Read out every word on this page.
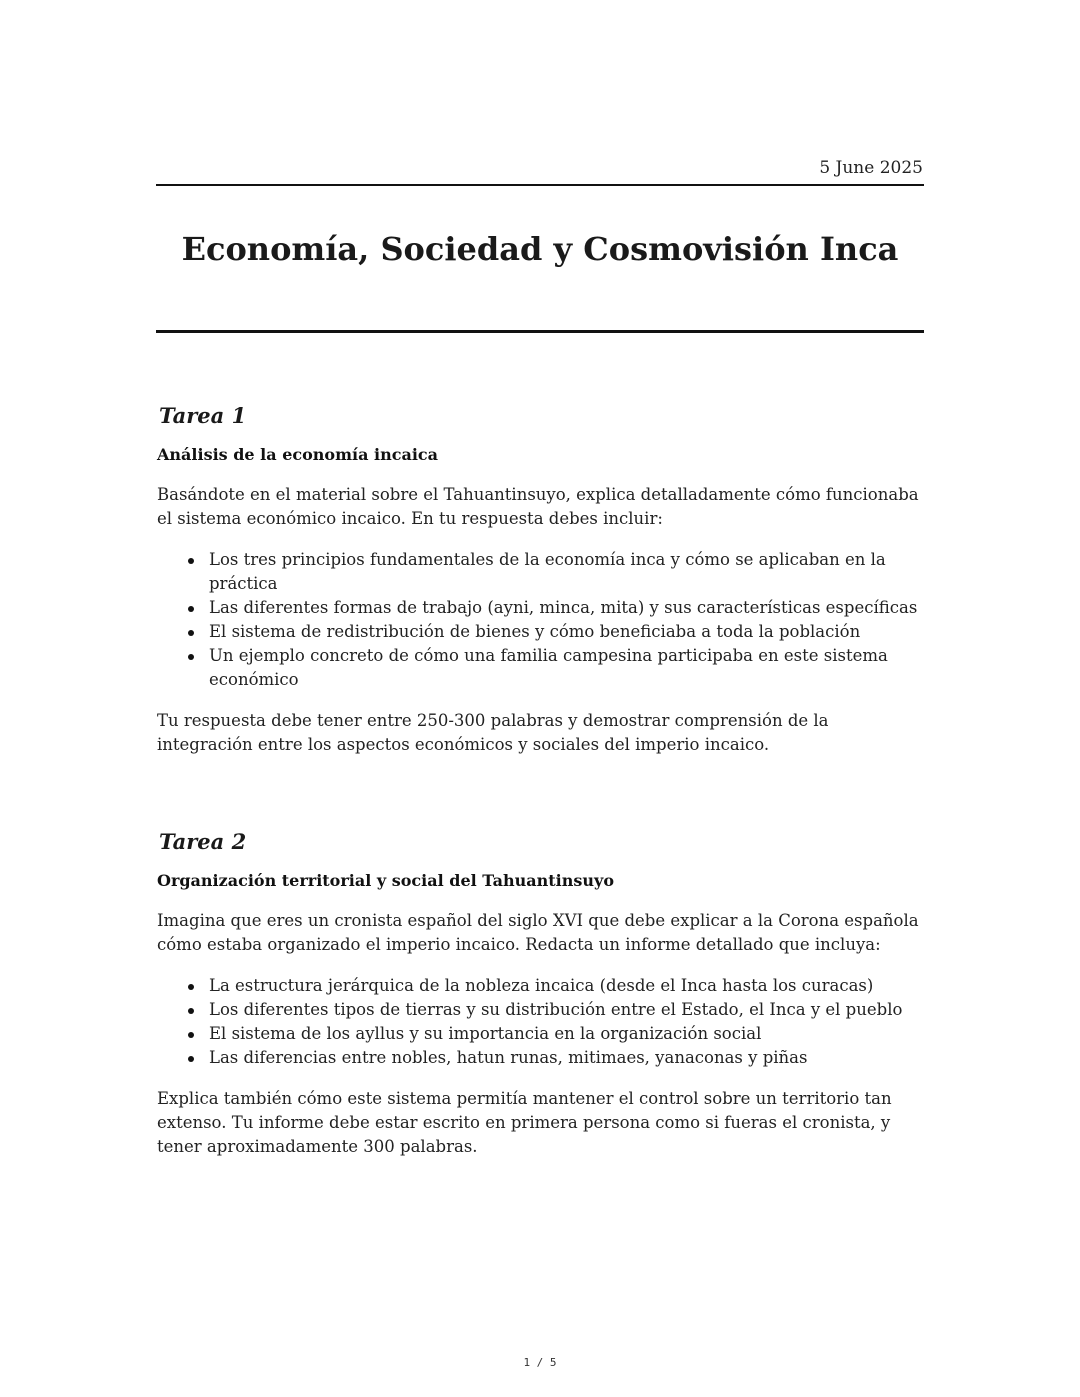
5 June 2025
Economía, Sociedad y Cosmovisión Inca
Tarea 1
Análisis de la economía incaica

Basándote en el material sobre el Tahuantinsuyo, explica detalladamente cómo funcionaba el sistema económico incaico. En tu respuesta debes incluir:

Los tres principios fundamentales de la economía inca y cómo se aplicaban en la práctica
Las diferentes formas de trabajo (ayni, minca, mita) y sus características específicas
El sistema de redistribución de bienes y cómo beneficiaba a toda la población
Un ejemplo concreto de cómo una familia campesina participaba en este sistema económico

Tu respuesta debe tener entre 250-300 palabras y demostrar comprensión de la integración entre los aspectos económicos y sociales del imperio incaico.

Tarea 2
Organización territorial y social del Tahuantinsuyo

Imagina que eres un cronista español del siglo XVI que debe explicar a la Corona española cómo estaba organizado el imperio incaico. Redacta un informe detallado que incluya:

La estructura jerárquica de la nobleza incaica (desde el Inca hasta los curacas)
Los diferentes tipos de tierras y su distribución entre el Estado, el Inca y el pueblo
El sistema de los ayllus y su importancia en la organización social
Las diferencias entre nobles, hatun runas, mitimaes, yanaconas y piñas

Explica también cómo este sistema permitía mantener el control sobre un territorio tan extenso. Tu informe debe estar escrito en primera persona como si fueras el cronista, y tener aproximadamente 300 palabras.

1 / 5
